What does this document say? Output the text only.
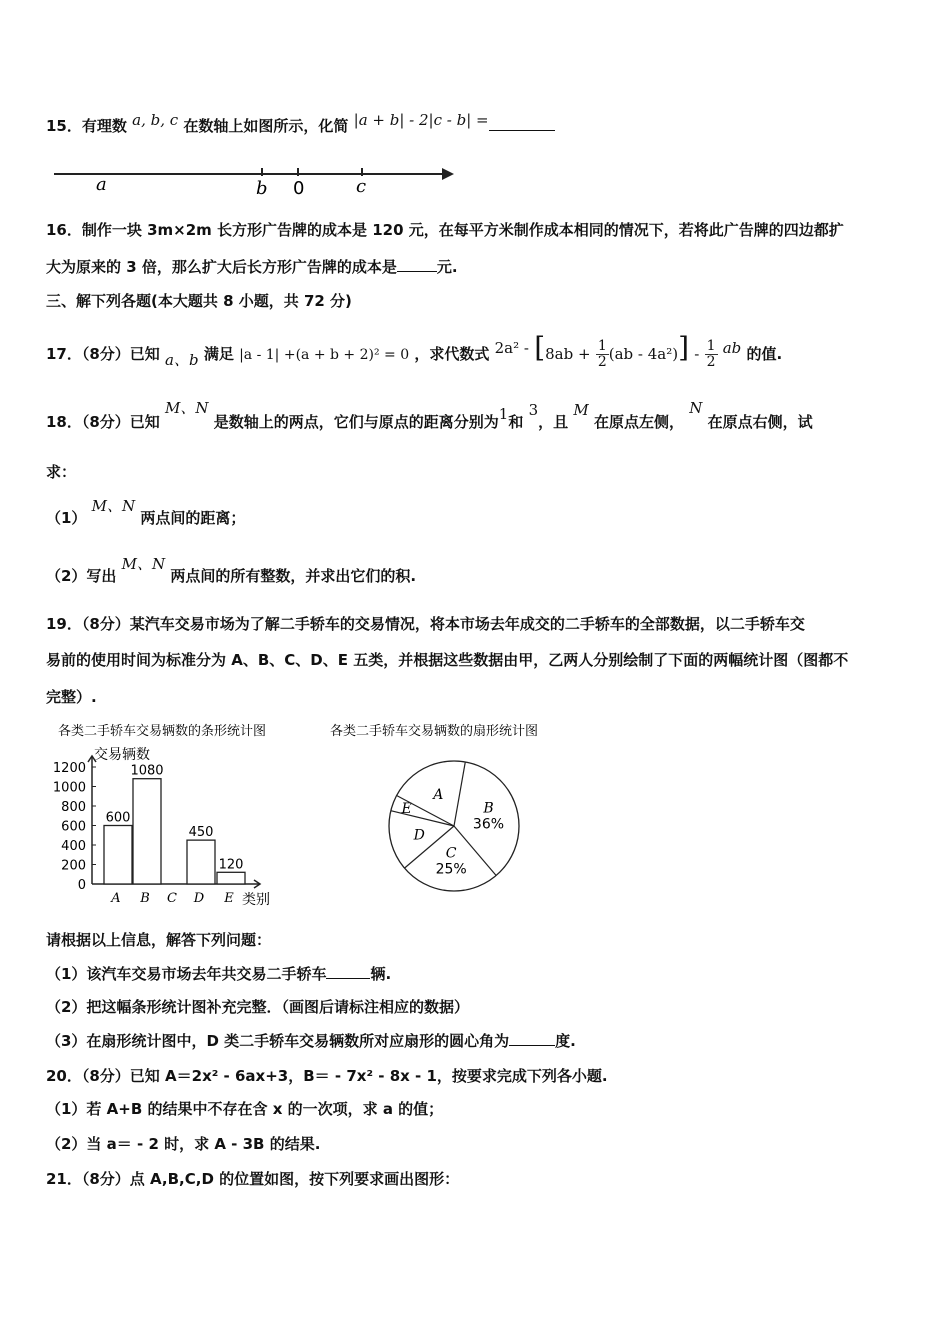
15．有理数 a, b, c 在数轴上如图所示，化简 |a + b| - 2|c - b| =
a	b 0	c
16．制作一块 3m×2m 长方形广告牌的成本是 120 元，在每平方米制作成本相同的情况下，若将此广告牌的四边都扩
大为原来的 3 倍，那么扩大后长方形广告牌的成本是	元.
三、解下列各题(本大题共 8 小题，共 72 分)
17．（8分）已知 a、b 满足 |a - 1| +(a + b + 2)² = 0 ，求代数式 $2a^2 - [8ab + \frac{1}{2} (ab - 4a^2)] - \frac{1}{2}$ ab 的值.
18．（8分）已知 M、N 是数轴上的两点，它们与原点的距离分别为1和 3，且 M 在原点左侧， N 在原点右侧，试
求：
（1） M、N 两点间的距离；
（2）写出 M、N 两点间的所有整数，并求出它们的积.
19．（8分）某汽车交易市场为了解二手轿车的交易情况，将本市场去年成交的二手轿车的全部数据，以二手轿车交
易前的使用时间为标准分为 A、B、C、D、E 五类，并根据这些数据由甲，乙两人分别绘制了下面的两幅统计图（图都不
完整）.
各类二手轿车交易辆数的条形统计图
交易辆数
类别
0
200
400
600
800
1000
1200
A
600
B
1080
C D
450
E
120
各类二手轿车交易辆数的扇形统计图
B
36%
C
25%
D
E
A
请根据以上信息，解答下列问题：
（1）该汽车交易市场去年共交易二手轿车	辆.
（2）把这幅条形统计图补充完整．（画图后请标注相应的数据）
（3）在扇形统计图中，D 类二手轿车交易辆数所对应扇形的圆心角为	度.
20．（8分）已知 A＝2x² - 6ax+3，B＝ - 7x² - 8x - 1，按要求完成下列各小题.
（1）若 A+B 的结果中不存在含 x 的一次项，求 a 的值；
（2）当 a＝ - 2 时，求 A - 3B 的结果.
21．（8分）点 A,B,C,D 的位置如图，按下列要求画出图形：
